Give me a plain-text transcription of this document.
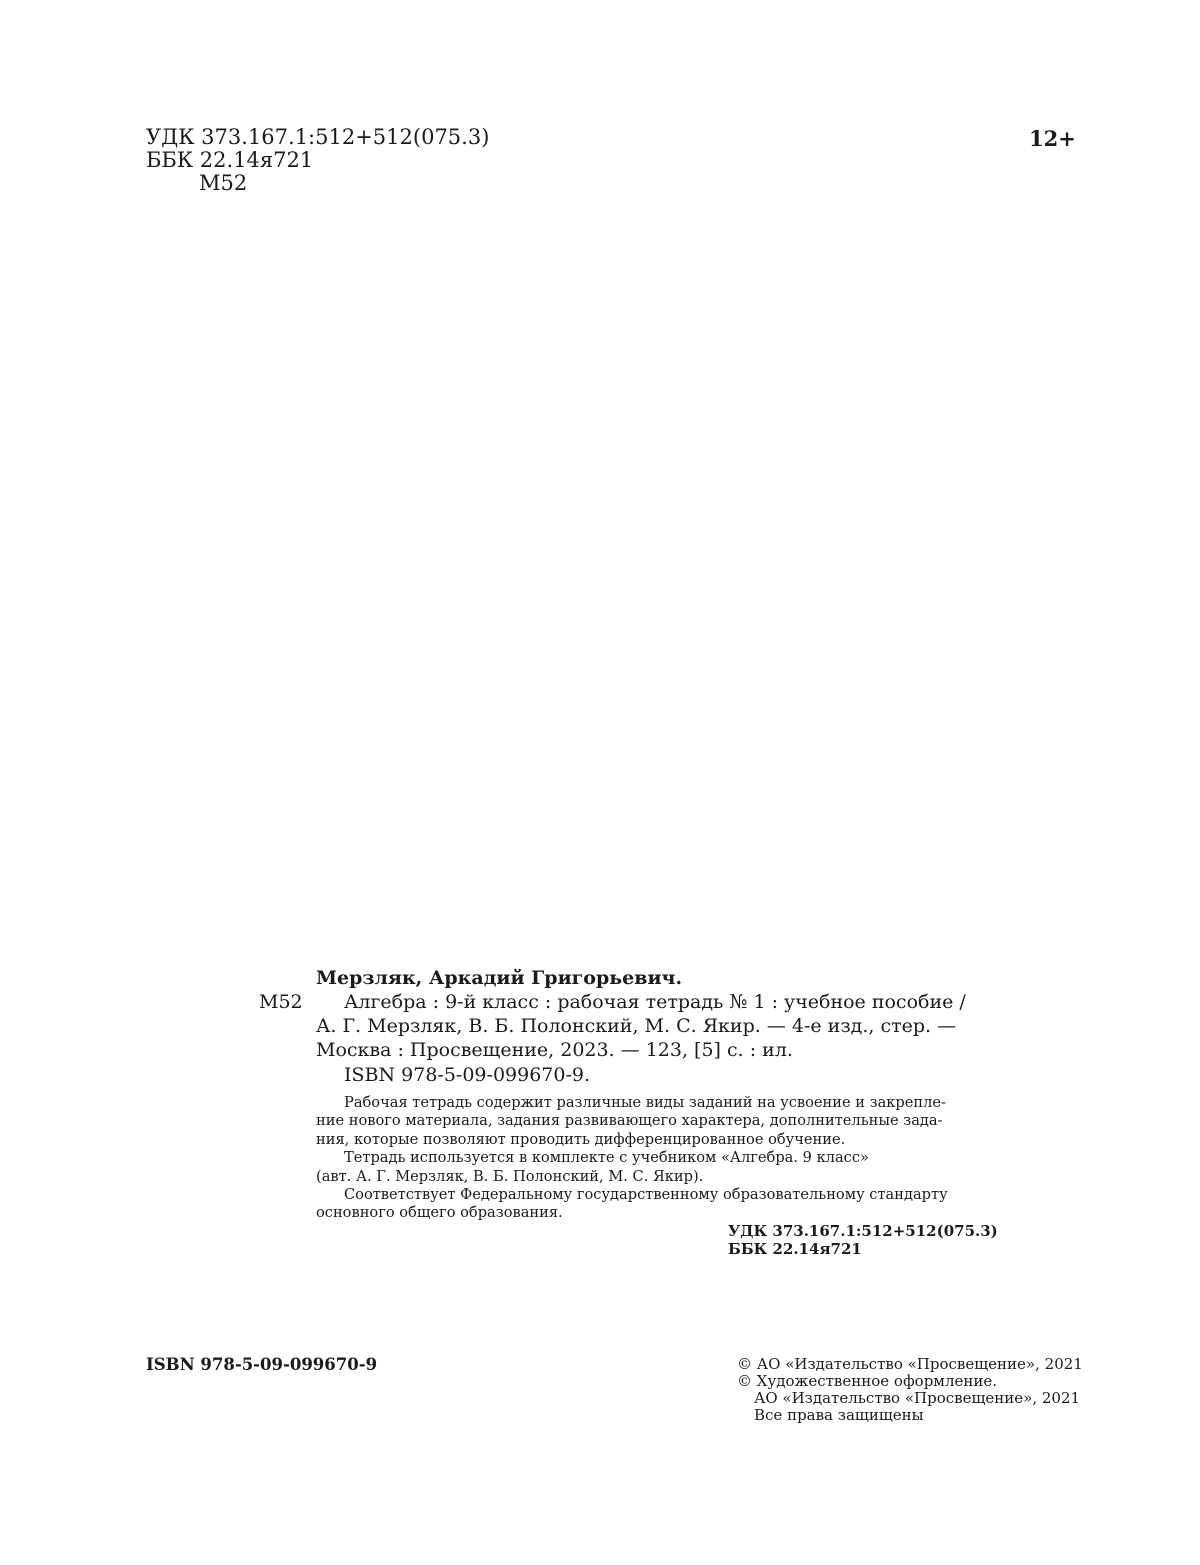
УДК 373.167.1:512+512(075.3)
ББК 22.14я721
М52
12+
М52
Мерзляк, Аркадий Григорьевич.
Алгебра : 9-й класс : рабочая тетрадь № 1 : учебное пособие /
А. Г. Мерзляк, В. Б. Полонский, М. С. Якир. — 4-е изд., стер. —
Москва : Просвещение, 2023. — 123, [5] с. : ил.
ISBN 978-5-09-099670-9.
Рабочая тетрадь содержит различные виды заданий на усвоение и закрепле-
ние нового материала, задания развивающего характера, дополнительные зада-
ния, которые позволяют проводить дифференцированное обучение.
Тетрадь используется в комплекте с учебником «Алгебра. 9 класс»
(авт. А. Г. Мерзляк, В. Б. Полонский, М. С. Якир).
Соответствует Федеральному государственному образовательному стандарту
основного общего образования.
УДК 373.167.1:512+512(075.3)
ББК 22.14я721
ISBN 978-5-09-099670-9	© АО «Издательство «Просвещение», 2021
© Художественное оформление.
АО «Издательство «Просвещение», 2021
Все права защищены
